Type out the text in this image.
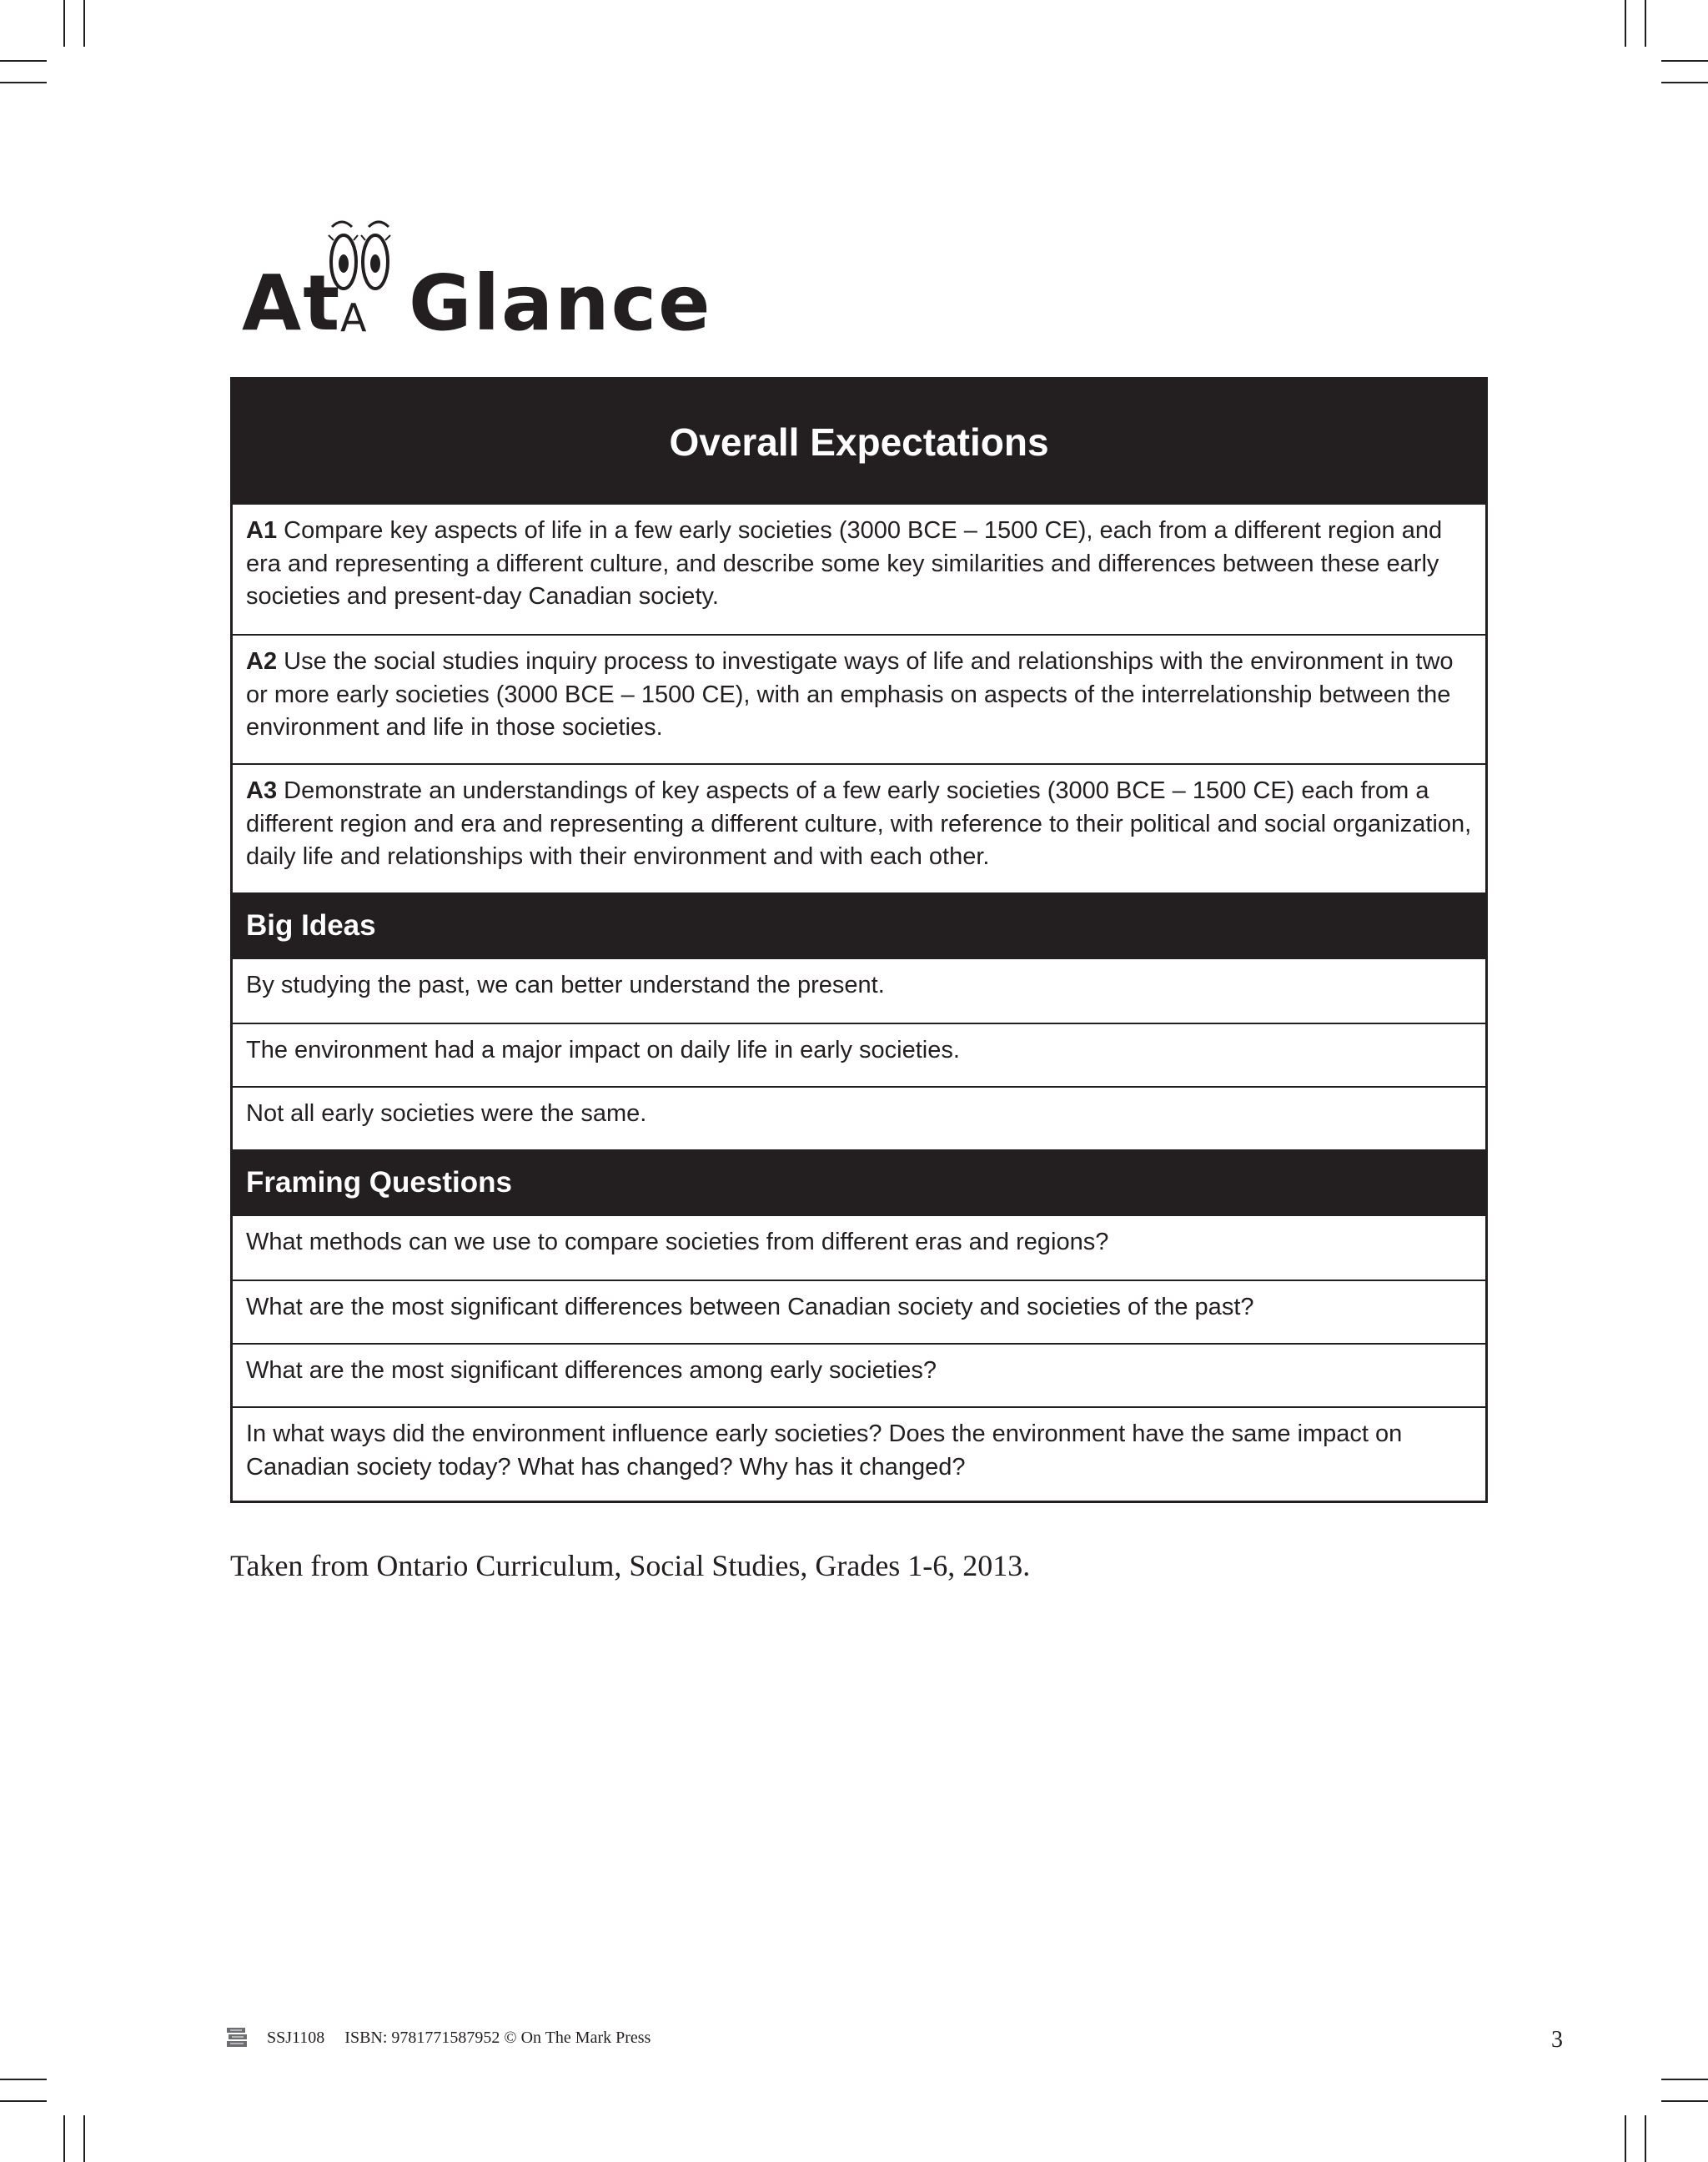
At
A Glance
Overall Expectations
A1 Compare key aspects of life in a few early societies (3000 BCE – 1500 CE), each from a different region and era and representing a different culture, and describe some key similarities and differences between these early societies and present-day Canadian society.
A2 Use the social studies inquiry process to investigate ways of life and relationships with the environment in two or more early societies (3000 BCE – 1500 CE), with an emphasis on aspects of the interrelationship between the environment and life in those societies.
A3 Demonstrate an understandings of key aspects of a few early societies (3000 BCE – 1500 CE) each from a different region and era and representing a different culture, with reference to their political and social organization, daily life and relationships with their environment and with each other.
Big Ideas
By studying the past, we can better understand the present.
The environment had a major impact on daily life in early societies.
Not all early societies were the same.
Framing Questions
What methods can we use to compare societies from different eras and regions?
What are the most significant differences between Canadian society and societies of the past?
What are the most significant differences among early societies?
In what ways did the environment influence early societies? Does the environment have the same impact on Canadian society today? What has changed? Why has it changed?
Taken from Ontario Curriculum, Social Studies, Grades 1-6, 2013.
SSJ1108 ISBN: 9781771587952 © On The Mark Press	3
